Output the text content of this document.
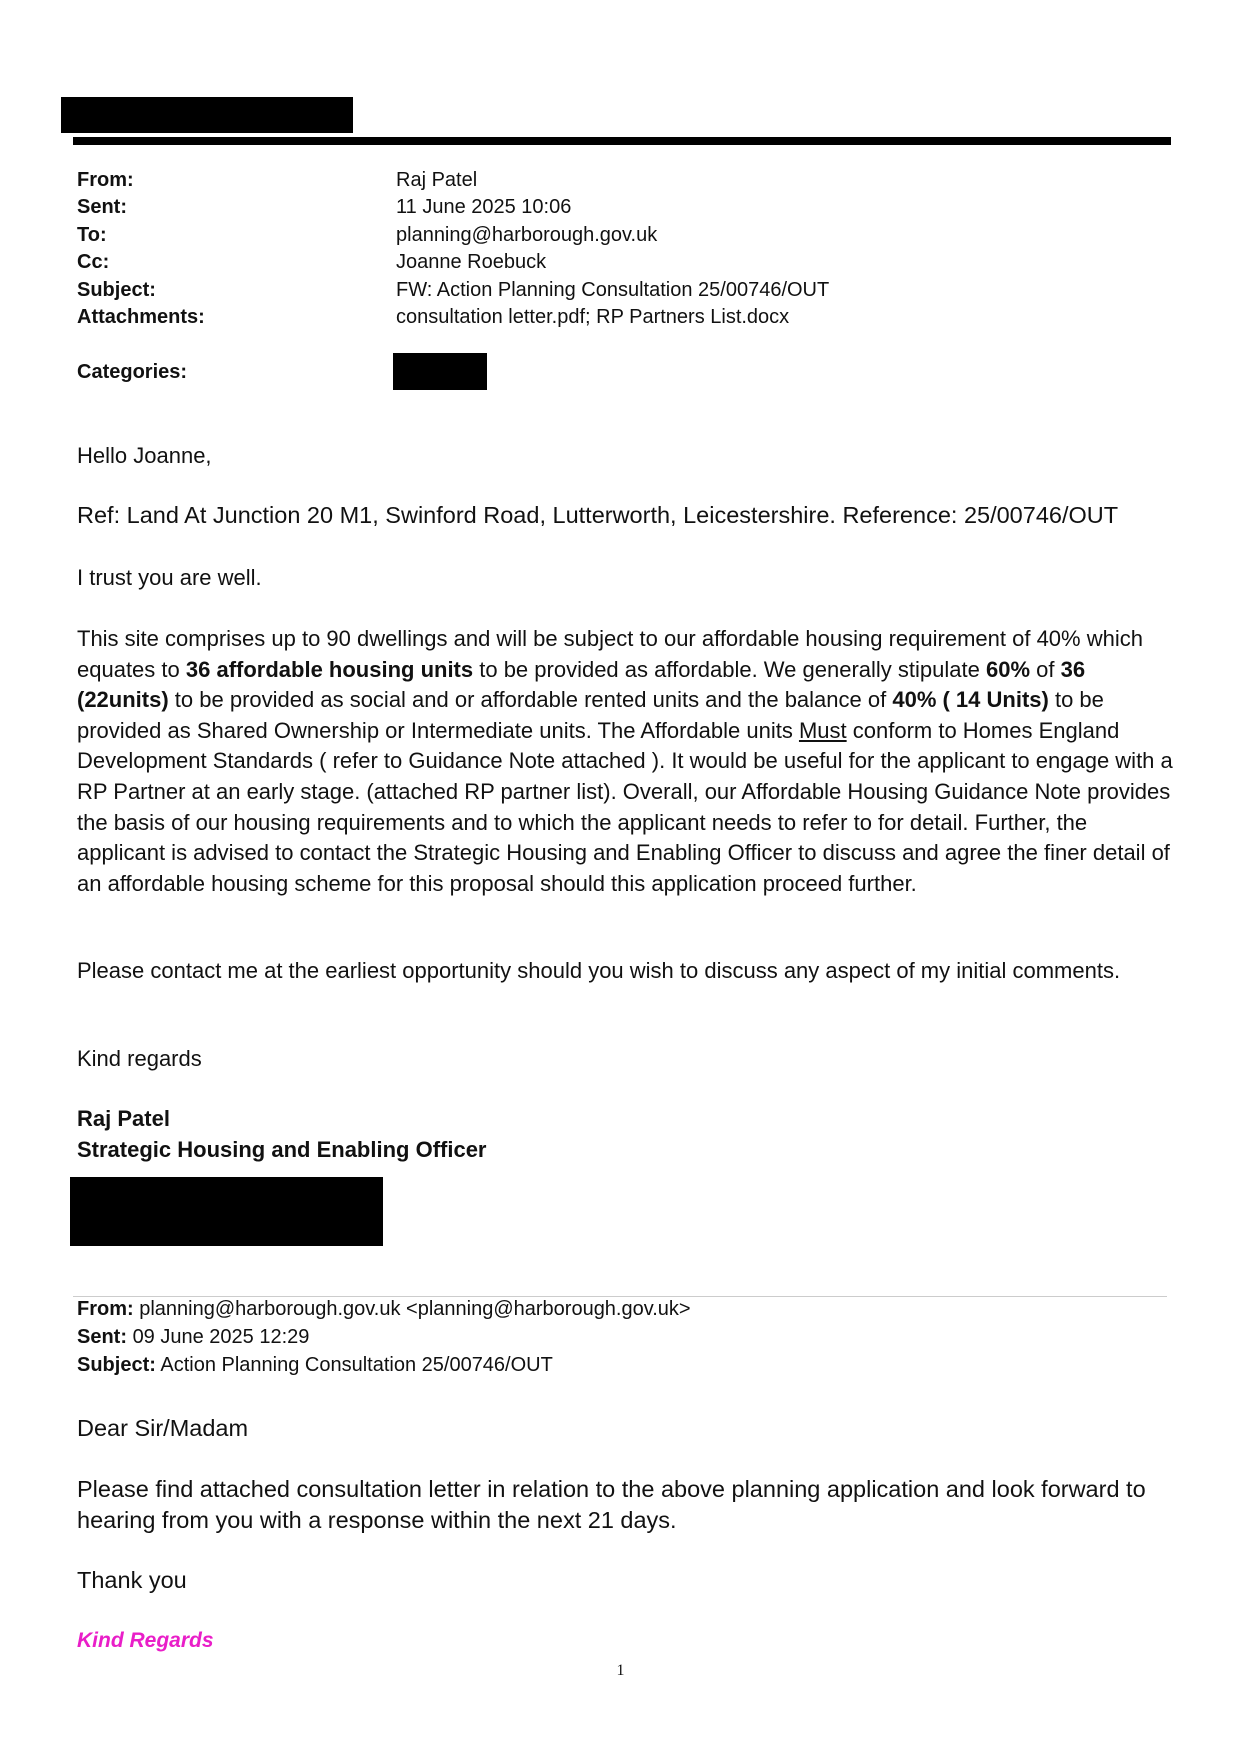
From:	Raj Patel
Sent:	11 June 2025 10:06
To:	planning@harborough.gov.uk
Cc:	Joanne Roebuck
Subject:	FW: Action Planning Consultation 25/00746/OUT
Attachments:	consultation letter.pdf; RP Partners List.docx
Categories:

Hello Joanne,

Ref: Land At Junction 20 M1, Swinford Road, Lutterworth, Leicestershire. Reference: 25/00746/OUT

I trust you are well.

This site comprises up to 90 dwellings and will be subject to our affordable housing requirement of 40% which equates to 36 affordable housing units to be provided as affordable. We generally stipulate 60% of 36 (22units) to be provided as social and or affordable rented units and the balance of 40% ( 14 Units) to be provided as Shared Ownership or Intermediate units. The Affordable units Must conform to Homes England Development Standards ( refer to Guidance Note attached ). It would be useful for the applicant to engage with a RP Partner at an early stage. (attached RP partner list). Overall, our Affordable Housing Guidance Note provides the basis of our housing requirements and to which the applicant needs to refer to for detail. Further, the applicant is advised to contact the Strategic Housing and Enabling Officer to discuss and agree the finer detail of an affordable housing scheme for this proposal should this application proceed further.

Please contact me at the earliest opportunity should you wish to discuss any aspect of my initial comments.

Kind regards

Raj Patel

Strategic Housing and Enabling Officer

From: planning@harborough.gov.uk <planning@harborough.gov.uk>
Sent: 09 June 2025 12:29
Subject: Action Planning Consultation 25/00746/OUT

Dear Sir/Madam

Please find attached consultation letter in relation to the above planning application and look forward to hearing from you with a response within the next 21 days.

Thank you

Kind Regards
1
